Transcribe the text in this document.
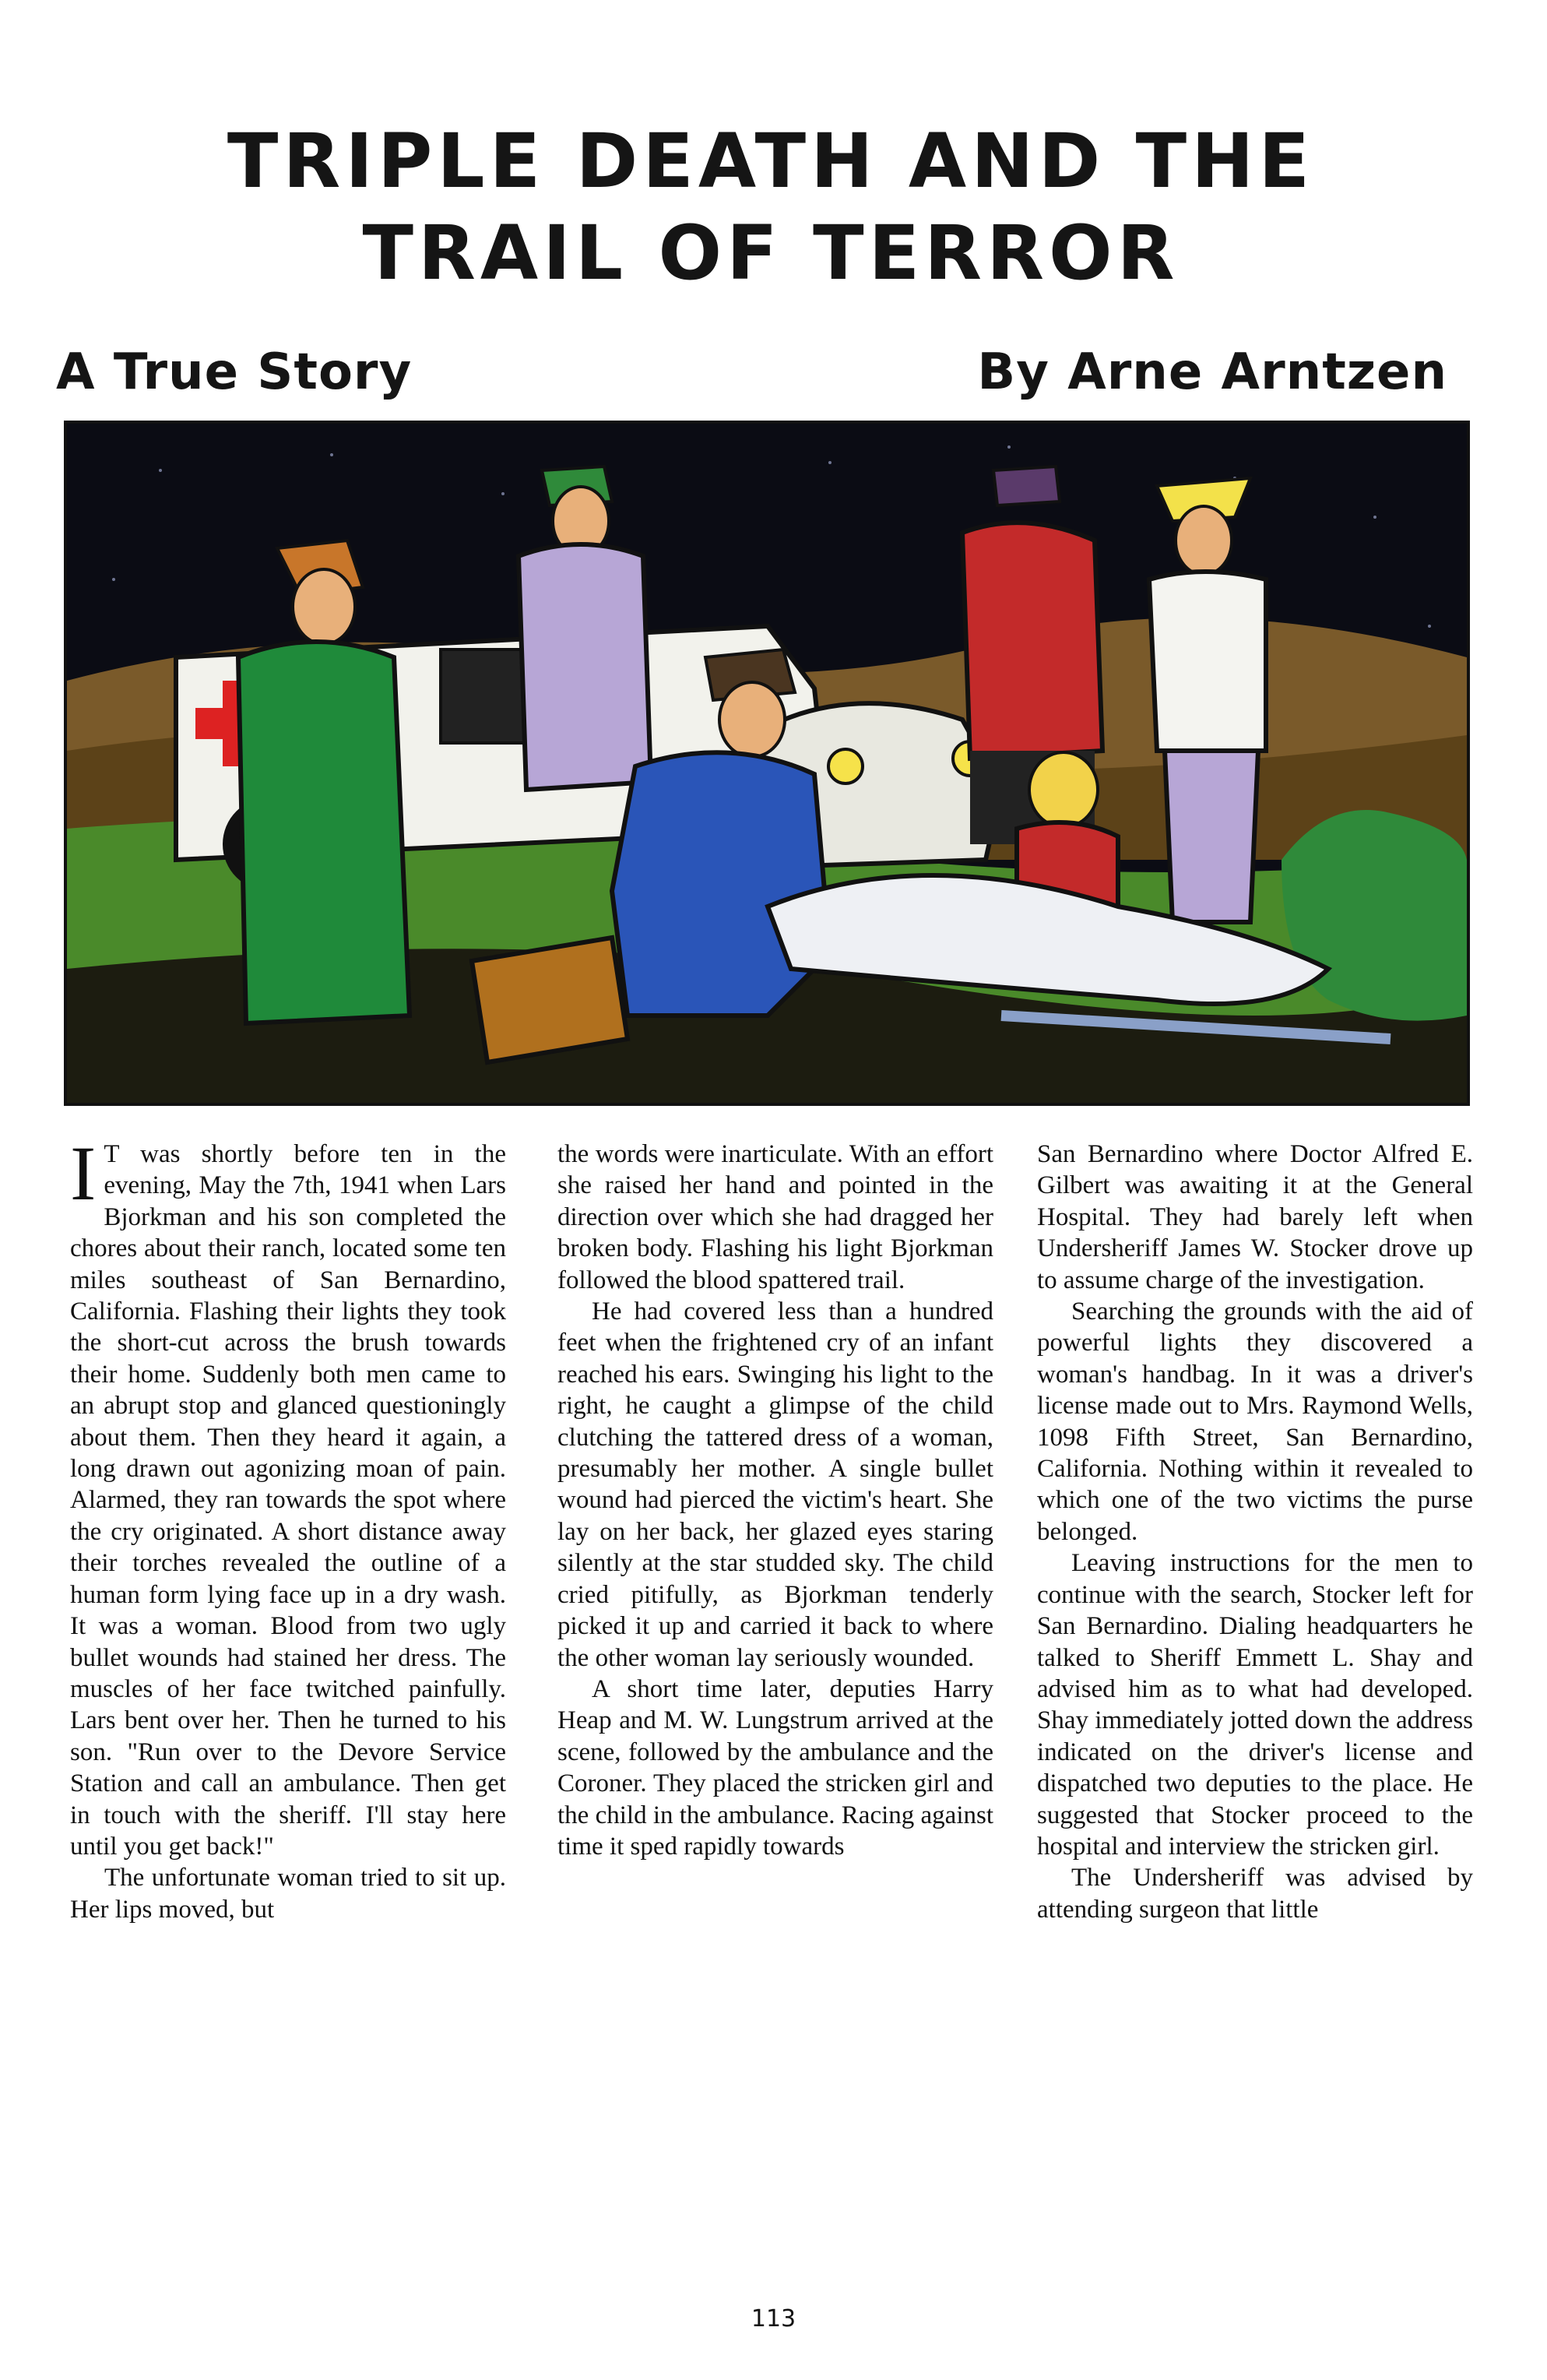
TRIPLE DEATH AND THE
TRAIL OF TERROR
A True Story	By Arne Arntzen

I T was shortly before ten in the evening, May the 7th, 1941 when Lars Bjorkman and his son completed the chores about their ranch, located some ten miles southeast of San Bernardino, California. Flashing their lights they took the short-cut across the brush towards their home. Suddenly both men came to an abrupt stop and glanced questioningly about them. Then they heard it again, a long drawn out agonizing moan of pain. Alarmed, they ran towards the spot where the cry originated. A short distance away their torches revealed the outline of a human form lying face up in a dry wash. It was a woman. Blood from two ugly bullet wounds had stained her dress. The muscles of her face twitched painfully. Lars bent over her. Then he turned to his son. "Run over to the Devore Service Station and call an ambulance. Then get in touch with the sheriff. I'll stay here until you get back!"

The unfortunate woman tried to sit up. Her lips moved, but

the words were inarticulate. With an effort she raised her hand and pointed in the direction over which she had dragged her broken body. Flashing his light Bjorkman followed the blood spattered trail.

He had covered less than a hundred feet when the frightened cry of an infant reached his ears. Swinging his light to the right, he caught a glimpse of the child clutching the tattered dress of a woman, presumably her mother. A single bullet wound had pierced the victim's heart. She lay on her back, her glazed eyes staring silently at the star studded sky. The child cried pitifully, as Bjorkman tenderly picked it up and carried it back to where the other woman lay seriously wounded.

A short time later, deputies Harry Heap and M. W. Lungstrum arrived at the scene, followed by the ambulance and the Coroner. They placed the stricken girl and the child in the ambulance. Racing against time it sped rapidly towards

San Bernardino where Doctor Alfred E. Gilbert was awaiting it at the General Hospital. They had barely left when Undersheriff James W. Stocker drove up to assume charge of the investigation.

Searching the grounds with the aid of powerful lights they discovered a woman's handbag. In it was a driver's license made out to Mrs. Raymond Wells, 1098 Fifth Street, San Bernardino, California. Nothing within it revealed to which one of the two victims the purse belonged.

Leaving instructions for the men to continue with the search, Stocker left for San Bernardino. Dialing headquarters he talked to Sheriff Emmett L. Shay and advised him as to what had developed. Shay immediately jotted down the address indicated on the driver's license and dispatched two deputies to the place. He suggested that Stocker proceed to the hospital and interview the stricken girl.

The Undersheriff was advised by attending surgeon that little

113
